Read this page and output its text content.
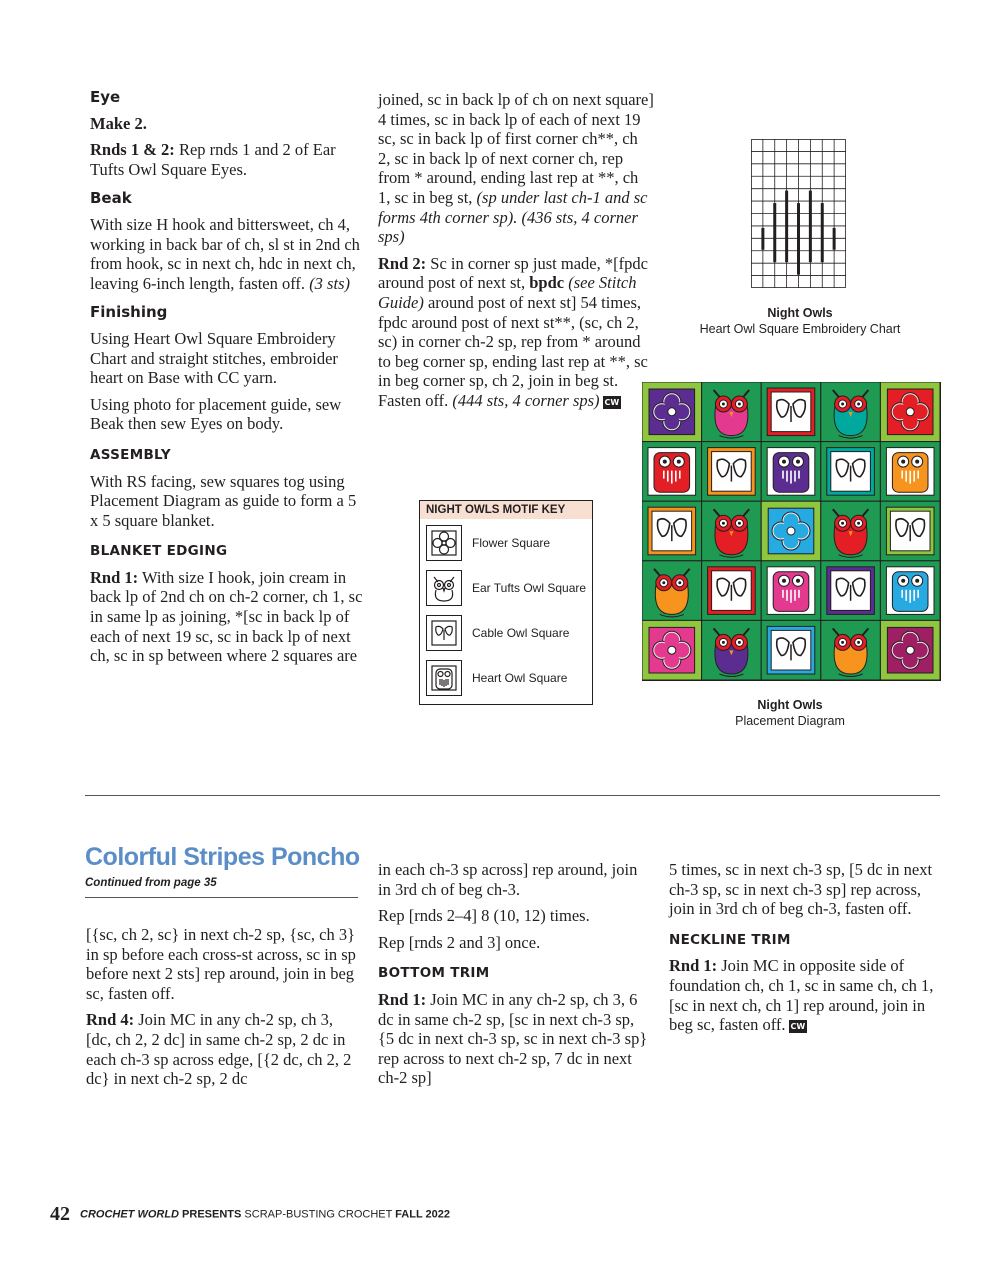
Eye

Make 2.

Rnds 1 & 2: Rep rnds 1 and 2 of Ear Tufts Owl Square Eyes.

Beak

With size H hook and bittersweet, ch 4, working in back bar of ch, sl st in 2nd ch from hook, sc in next ch, hdc in next ch, leaving 6-inch length, fasten off. (3 sts)

Finishing

Using Heart Owl Square Embroidery Chart and straight stitches, embroider heart on Base with CC yarn.

Using photo for placement guide, sew Beak then sew Eyes on body.

ASSEMBLY

With RS facing, sew squares tog using Placement Diagram as guide to form a 5 x 5 square blanket.

BLANKET EDGING

Rnd 1: With size I hook, join cream in back lp of 2nd ch on ch-2 corner, ch 1, sc in same lp as joining, *[sc in back lp of each of next 19 sc, sc in back lp of next ch, sc in sp between where 2 squares are

joined, sc in back lp of ch on next square] 4 times, sc in back lp of each of next 19 sc, sc in back lp of first corner ch**, ch 2, sc in back lp of next corner ch, rep from * around, ending last rep at **, ch 1, sc in beg st, (sp under last ch-1 and sc forms 4th corner sp). (436 sts, 4 corner sps)

Rnd 2: Sc in corner sp just made, *[fpdc around post of next st, bpdc (see Stitch Guide) around post of next st] 54 times, fpdc around post of next st**, (sc, ch 2, sc) in corner ch-2 sp, rep from * around to beg corner sp, ending last rep at **, sc in beg corner sp, ch 2, join in beg st. Fasten off. (444 sts, 4 corner sps) CW

Night Owls
Heart Owl Square Embroidery Chart
NIGHT OWLS MOTIF KEY
Flower Square
Ear Tufts Owl Square
Cable Owl Square
Heart Owl Square
Night Owls
Placement Diagram
Colorful Stripes Poncho
Continued from page 35

[{sc, ch 2, sc} in next ch-2 sp, {sc, ch 3} in sp before each cross-st across, sc in sp before next 2 sts] rep around, join in beg sc, fasten off.

Rnd 4: Join MC in any ch-2 sp, ch 3, [dc, ch 2, 2 dc] in same ch-2 sp, 2 dc in each ch-3 sp across edge, [{2 dc, ch 2, 2 dc} in next ch-2 sp, 2 dc

in each ch-3 sp across] rep around, join in 3rd ch of beg ch-3.

Rep [rnds 2–4] 8 (10, 12) times.

Rep [rnds 2 and 3] once.

BOTTOM TRIM

Rnd 1: Join MC in any ch-2 sp, ch 3, 6 dc in same ch-2 sp, [sc in next ch-3 sp, {5 dc in next ch-3 sp, sc in next ch-3 sp} rep across to next ch-2 sp, 7 dc in next ch-2 sp]

5 times, sc in next ch-3 sp, [5 dc in next ch-3 sp, sc in next ch-3 sp] rep across, join in 3rd ch of beg ch-3, fasten off.

NECKLINE TRIM

Rnd 1: Join MC in opposite side of foundation ch, ch 1, sc in same ch, ch 1, [sc in next ch, ch 1] rep around, join in beg sc, fasten off. CW

42 CROCHET WORLD PRESENTS SCRAP-BUSTING CROCHET FALL 2022
